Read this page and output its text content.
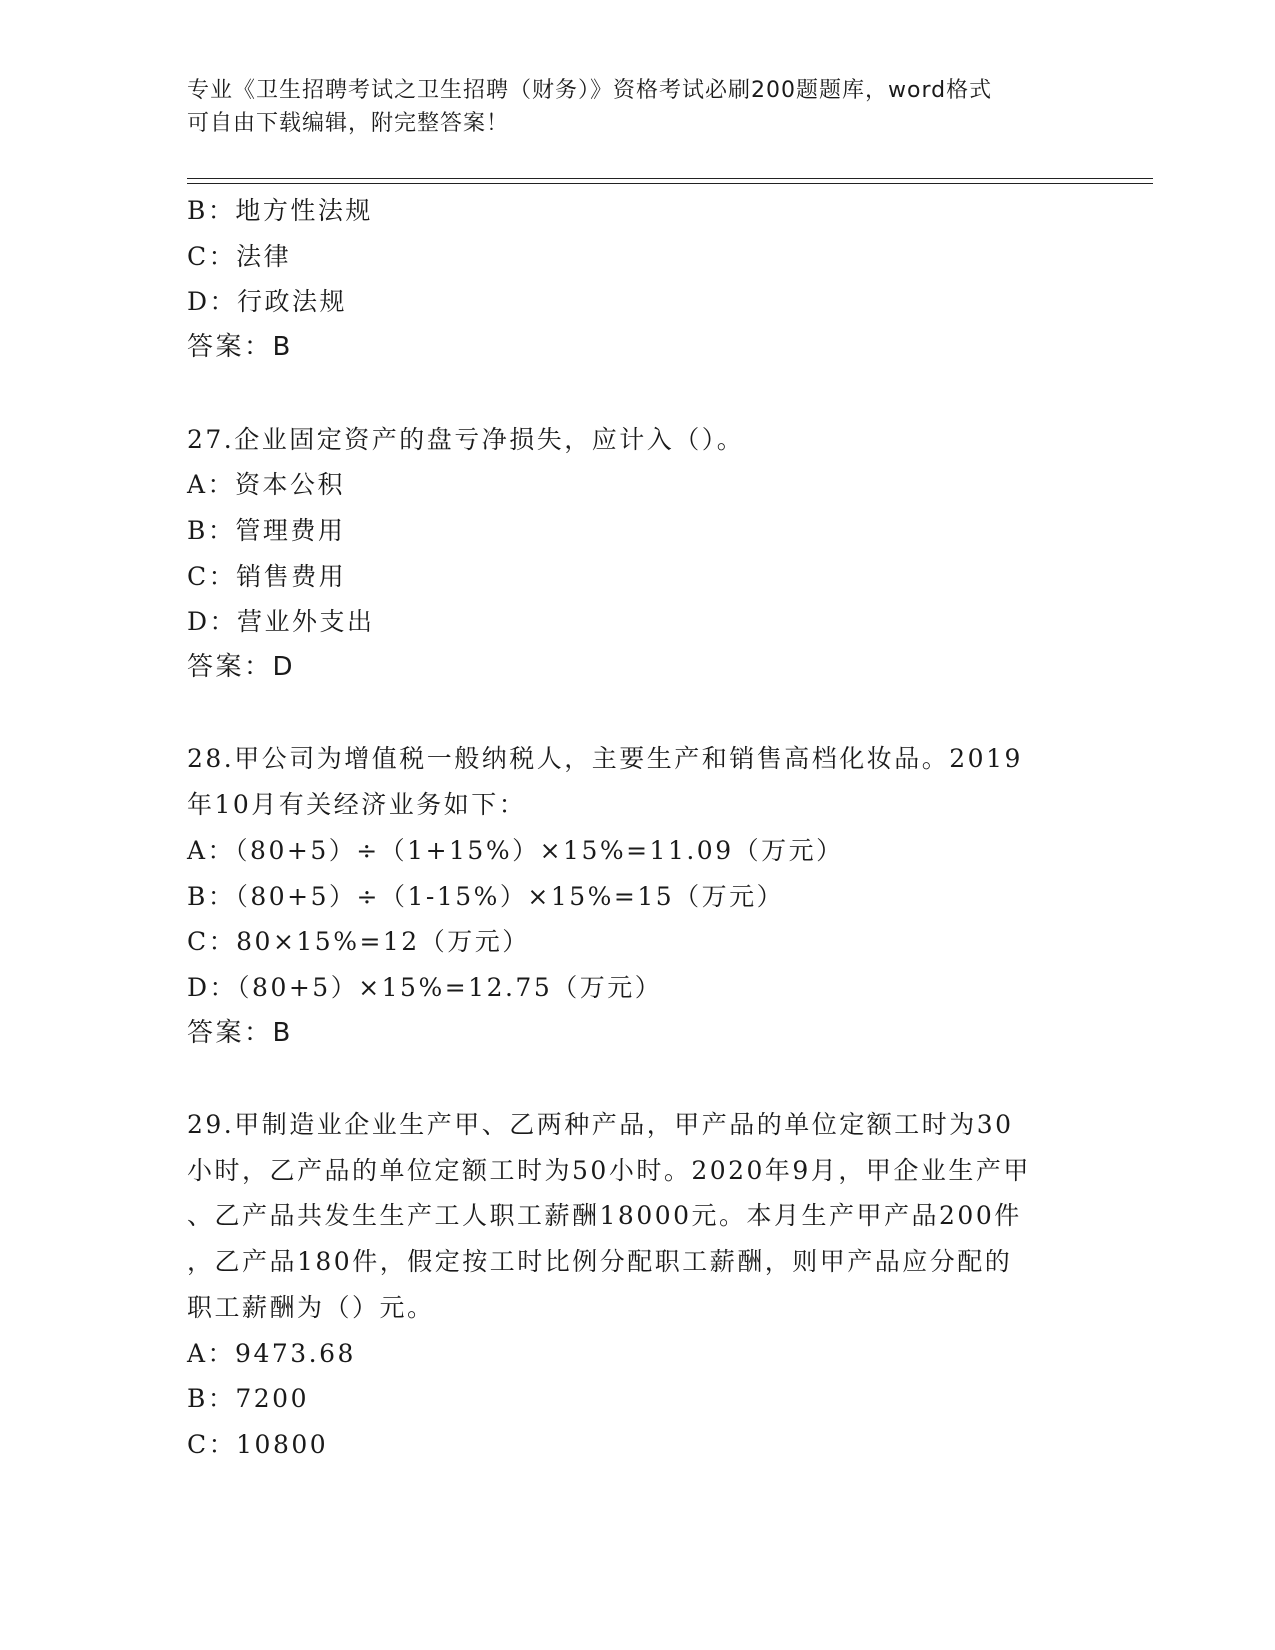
专业《卫生招聘考试之卫生招聘（财务）》资格考试必刷200题题库，word格式
可自由下载编辑，附完整答案！

B：地方性法规

C：法律

D：行政法规

答案：B

27.企业固定资产的盘亏净损失，应计入（）。

A：资本公积

B：管理费用

C：销售费用

D：营业外支出

答案：D

28.甲公司为增值税一般纳税人，主要生产和销售高档化妆品。2019

年10月有关经济业务如下：

A：（80+5）÷（1+15%）×15%=11.09（万元）

B：（80+5）÷（1-15%）×15%=15（万元）

C：80×15%=12（万元）

D：（80+5）×15%=12.75（万元）

答案：B

29.甲制造业企业生产甲、乙两种产品，甲产品的单位定额工时为30

小时，乙产品的单位定额工时为50小时。2020年9月，甲企业生产甲

、乙产品共发生生产工人职工薪酬18000元。本月生产甲产品200件

，乙产品180件，假定按工时比例分配职工薪酬，则甲产品应分配的

职工薪酬为（）元。

A：9473.68

B：7200

C：10800
